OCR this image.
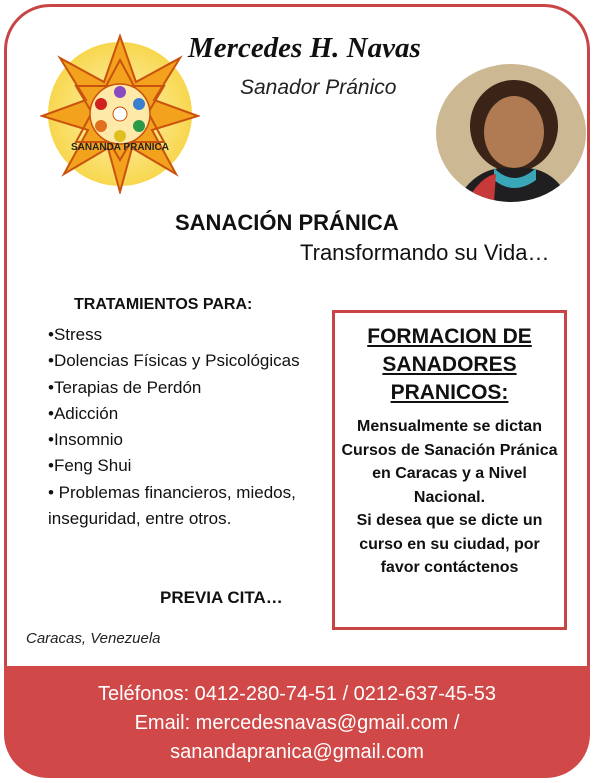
SANANDA PRANICA
Mercedes H. Navas
Sanador Pránico
SANACIÓN PRÁNICA
Transformando su Vida…
TRATAMIENTOS PARA:
•Stress
•Dolencias Físicas y Psicológicas
•Terapias de Perdón
•Adicción
•Insomnio
•Feng Shui
• Problemas financieros, miedos, inseguridad, entre otros.
PREVIA CITA…
Caracas, Venezuela
FORMACION DE SANADORES PRANICOS:

Mensualmente se dictan Cursos de Sanación Pránica en Caracas y a Nivel Nacional.

Si desea que se dicte un curso en su ciudad, por favor contáctenos

Teléfonos: 0412-280-74-51 / 0212-637-45-53
Email: mercedesnavas@gmail.com /
sanandapranica@gmail.com
